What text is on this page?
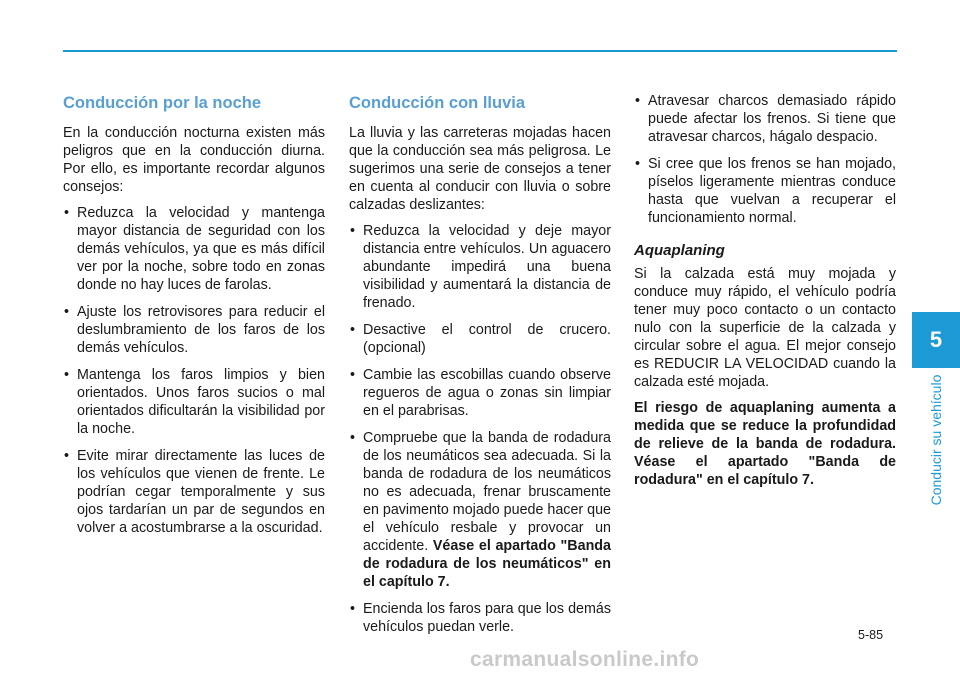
5
Conducir su vehículo
Conducción por la noche

En la conducción nocturna existen más peligros que en la conducción diurna. Por ello, es importante recordar algunos consejos:

• Reduzca la velocidad y mantenga mayor distancia de seguridad con los demás vehículos, ya que es más difícil ver por la noche, sobre todo en zonas donde no hay luces de farolas.
• Ajuste los retrovisores para reducir el deslumbramiento de los faros de los demás vehículos.
• Mantenga los faros limpios y bien orientados. Unos faros sucios o mal orientados dificultarán la visibilidad por la noche.
• Evite mirar directamente las luces de los vehículos que vienen de frente. Le podrían cegar temporalmente y sus ojos tardarían un par de segundos en volver a acostumbrarse a la oscuridad.
Conducción con lluvia

La lluvia y las carreteras mojadas hacen que la conducción sea más peligrosa. Le sugerimos una serie de consejos a tener en cuenta al conducir con lluvia o sobre calzadas deslizantes:

• Reduzca la velocidad y deje mayor distancia entre vehículos. Un aguacero abundante impedirá una buena visibilidad y aumentará la distancia de frenado.
• Desactive el control de crucero. (opcional)
• Cambie las escobillas cuando observe regueros de agua o zonas sin limpiar en el parabrisas.
• Compruebe que la banda de rodadura de los neumáticos sea adecuada. Si la banda de rodadura de los neumáticos no es adecuada, frenar bruscamente en pavimento mojado puede hacer que el vehículo resbale y provocar un accidente. Véase el apartado "Banda de rodadura de los neumáticos" en el capítulo 7.
• Encienda los faros para que los demás vehículos puedan verle.
• Atravesar charcos demasiado rápido puede afectar los frenos. Si tiene que atravesar charcos, hágalo despacio.
• Si cree que los frenos se han mojado, píselos ligeramente mientras conduce hasta que vuelvan a recuperar el funcionamiento normal.
Aquaplaning

Si la calzada está muy mojada y conduce muy rápido, el vehículo podría tener muy poco contacto o un contacto nulo con la superficie de la calzada y circular sobre el agua. El mejor consejo es REDUCIR LA VELOCIDAD cuando la calzada esté mojada.

El riesgo de aquaplaning aumenta a medida que se reduce la profundidad de relieve de la banda de rodadura. Véase el apartado "Banda de rodadura" en el capítulo 7.

5-85
carmanualsonline.info
